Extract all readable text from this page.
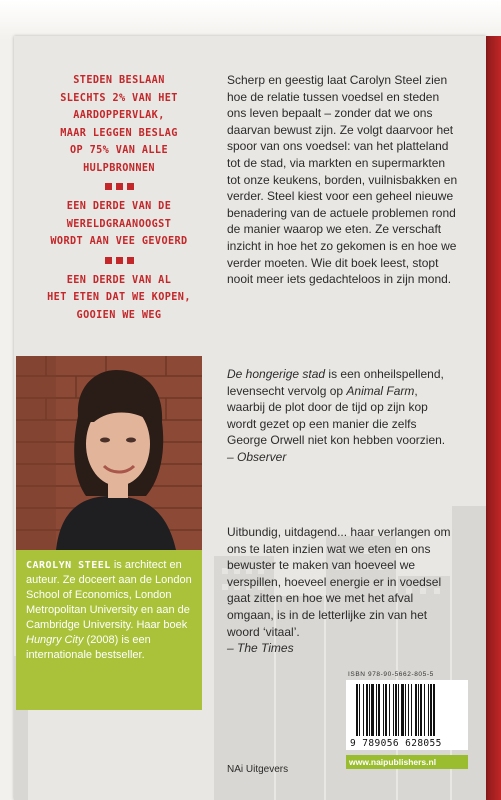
STEDEN BESLAAN
SLECHTS 2% VAN HET
AARDOPPERVLAK,
MAAR LEGGEN BESLAG
OP 75% VAN ALLE
HULPBRONNEN
EEN DERDE VAN DE
WERELDGRAANOOGST
WORDT AAN VEE GEVOERD
EEN DERDE VAN AL
HET ETEN DAT WE KOPEN,
GOOIEN WE WEG
CAROLYN STEEL is architect en auteur. Ze doceert aan de London School of Economics, London Metropolitan University en aan de Cambridge University. Haar boek Hungry City (2008) is een internationale bestseller.

Scherp en geestig laat Carolyn Steel zien hoe de relatie tussen voedsel en steden ons leven bepaalt – zonder dat we ons daarvan bewust zijn. Ze volgt daarvoor het spoor van ons voedsel: van het platteland tot de stad, via markten en supermarkten tot onze keukens, borden, vuilnisbakken en verder. Steel kiest voor een geheel nieuwe benadering van de actuele problemen rond de manier waarop we eten. Ze verschaft inzicht in hoe het zo gekomen is en hoe we verder moeten. Wie dit boek leest, stopt nooit meer iets gedachteloos in zijn mond.

De hongerige stad is een onheilspellend, levensecht vervolg op Animal Farm, waarbij de plot door de tijd op zijn kop wordt gezet op een manier die zelfs George Orwell niet kon hebben voorzien.
– Observer
Uitbundig, uitdagend... haar verlangen om ons te laten inzien wat we eten en ons bewuster te maken van hoeveel we verspillen, hoeveel energie er in voedsel gaat zitten en hoe we met het afval omgaan, is in de letterlijke zin van het woord ‘vitaal’.
– The Times
ISBN 978-90-5662-805-5
9 789056 628055
www.naipublishers.nl
NAi Uitgevers
